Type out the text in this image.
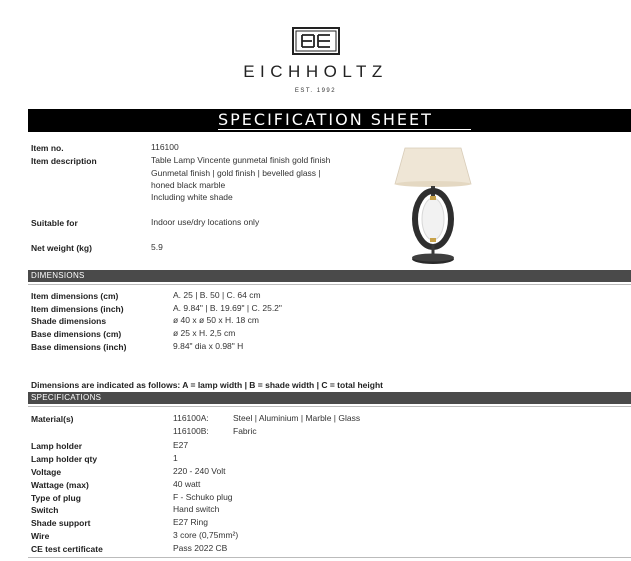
EICHHOLTZ
EST. 1992
SPECIFICATION SHEET
Item no.	116100
Item description	Table Lamp Vincente gunmetal finish gold finish
Gunmetal finish | gold finish | bevelled glass |
honed black marble
Including white shade
Suitable for	Indoor use/dry locations only
Net weight (kg)	5.9
DIMENSIONS
Item dimensions (cm)	A. 25 | B. 50 | C. 64 cm
Item dimensions (inch)	A. 9.84" | B. 19.69" | C. 25.2"
Shade dimensions	ø 40 x ø 50 x H. 18 cm
Base dimensions (cm)	ø 25 x H. 2,5 cm
Base dimensions (inch)	9.84" dia x 0.98" H
Dimensions are indicated as follows: A = lamp width | B = shade width | C = total height
SPECIFICATIONS
Material(s)	116100A:	Steel | Aluminium | Marble | Glass
116100B:	Fabric
Lamp holder	E27
Lamp holder qty	1
Voltage	220 - 240 Volt
Wattage (max)	40 watt
Type of plug	F - Schuko plug
Switch	Hand switch
Shade support	E27 Ring
Wire	3 core (0,75mm²)
CE test certificate	Pass 2022 CB
